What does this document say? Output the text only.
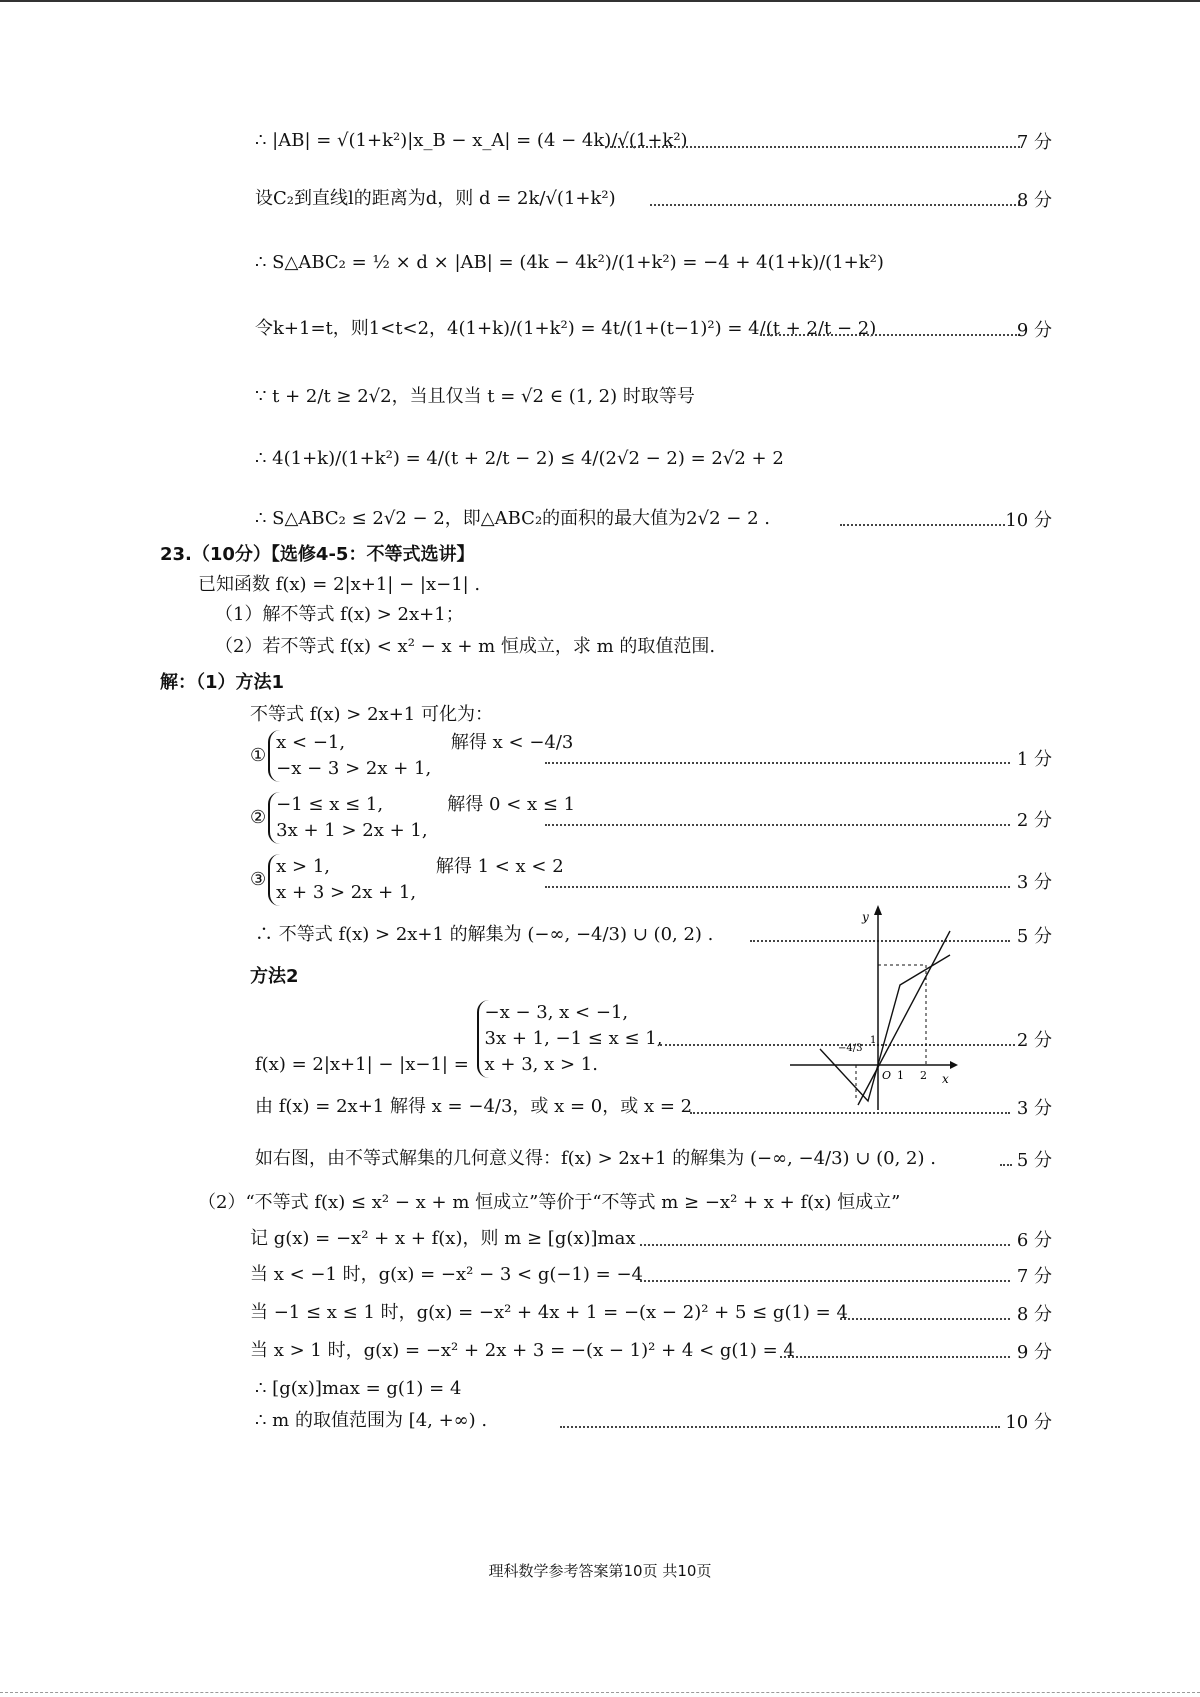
∴ |AB| = √(1+k²)|x_B − x_A| = (4 − 4k)/√(1+k²)	7 分
设C₂到直线l的距离为d，则 d = 2k/√(1+k²)	8 分
∴ S△ABC₂ = ½ × d × |AB| = (4k − 4k²)/(1+k²) = −4 + 4(1+k)/(1+k²)
令k+1=t，则1<t<2，4(1+k)/(1+k²) = 4t/(1+(t−1)²) = 4/(t + 2/t − 2)	9 分
∵ t + 2/t ≥ 2√2，当且仅当 t = √2 ∈ (1, 2) 时取等号
∴ 4(1+k)/(1+k²) = 4/(t + 2/t − 2) ≤ 4/(2√2 − 2) = 2√2 + 2
∴ S△ABC₂ ≤ 2√2 − 2，即△ABC₂的面积的最大值为2√2 − 2 .	10 分
23.（10分）【选修4-5：不等式选讲】
已知函数 f(x) = 2|x+1| − |x−1| .
（1）解不等式 f(x) > 2x+1；
（2）若不等式 f(x) < x² − x + m 恒成立，求 m 的取值范围.
解：（1）方法1
不等式 f(x) > 2x+1 可化为：
①
x < −1,
−x − 3 > 2x + 1,
解得 x < −4/3
1 分
②
−1 ≤ x ≤ 1,
3x + 1 > 2x + 1,
解得 0 < x ≤ 1
2 分
③
x > 1,
x + 3 > 2x + 1,
解得 1 < x < 2
3 分
∴ 不等式 f(x) > 2x+1 的解集为 (−∞, −4/3) ∪ (0, 2) .	5 分
方法2
f(x) = 2|x+1| − |x−1| =
−x − 3, x < −1,
3x + 1, −1 ≤ x ≤ 1,
x + 3, x > 1.
2 分
由 f(x) = 2x+1 解得 x = −4/3，或 x = 0，或 x = 2	3 分
如右图，由不等式解集的几何意义得：f(x) > 2x+1 的解集为 (−∞, −4/3) ∪ (0, 2) .	5 分
y
x
O 1 2
−4/3
1
（2）“不等式 f(x) ≤ x² − x + m 恒成立”等价于“不等式 m ≥ −x² + x + f(x) 恒成立”
记 g(x) = −x² + x + f(x)，则 m ≥ [g(x)]max	6 分
当 x < −1 时，g(x) = −x² − 3 < g(−1) = −4	7 分
当 −1 ≤ x ≤ 1 时，g(x) = −x² + 4x + 1 = −(x − 2)² + 5 ≤ g(1) = 4	8 分
当 x > 1 时，g(x) = −x² + 2x + 3 = −(x − 1)² + 4 < g(1) = 4	9 分
∴ [g(x)]max = g(1) = 4
∴ m 的取值范围为 [4, +∞) .	10 分
理科数学参考答案第10页 共10页
